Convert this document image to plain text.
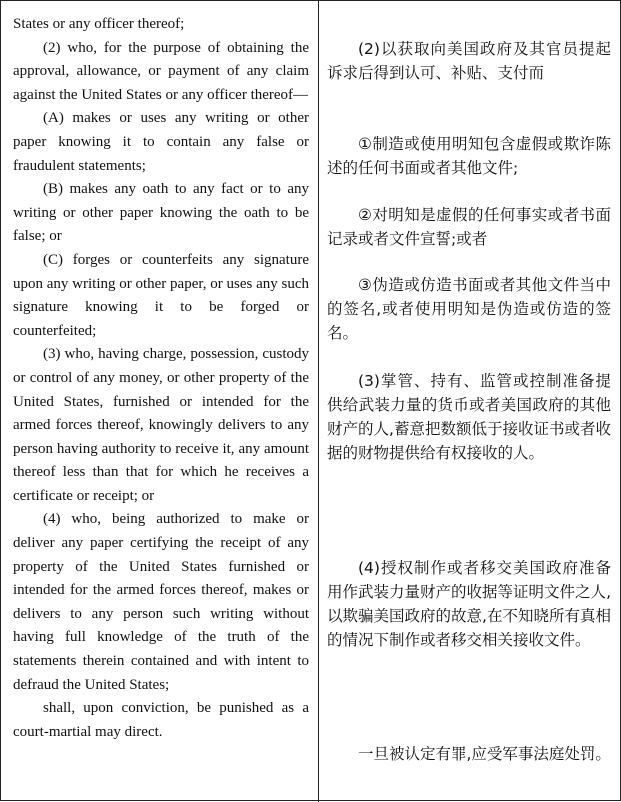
States or any officer thereof;

(2) who, for the purpose of obtaining the approval, allowance, or payment of any claim against the United States or any officer thereof—

(A) makes or uses any writing or other paper knowing it to contain any false or fraudulent statements;

(B) makes any oath to any fact or to any writing or other paper knowing the oath to be false; or

(C) forges or counterfeits any signature upon any writing or other paper, or uses any such signature knowing it to be forged or counterfeited;

(3) who, having charge, possession, custody or control of any money, or other property of the United States, furnished or intended for the armed forces thereof, knowingly delivers to any person having authority to receive it, any amount thereof less than that for which he receives a certificate or receipt; or

(4) who, being authorized to make or deliver any paper certifying the receipt of any property of the United States furnished or intended for the armed forces thereof, makes or delivers to any person such writing without having full knowledge of the truth of the statements therein contained and with intent to defraud the United States;

shall, upon conviction, be punished as a court-martial may direct.

(2)以获取向美国政府及其官员提起诉求后得到认可、补贴、支付而

①制造或使用明知包含虚假或欺诈陈述的任何书面或者其他文件;

②对明知是虚假的任何事实或者书面记录或者文件宣誓;或者

③伪造或仿造书面或者其他文件当中的签名,或者使用明知是伪造或仿造的签名。

(3)掌管、持有、监管或控制准备提供给武装力量的货币或者美国政府的其他财产的人,蓄意把数额低于接收证书或者收据的财物提供给有权接收的人。

(4)授权制作或者移交美国政府准备用作武装力量财产的收据等证明文件之人,以欺骗美国政府的故意,在不知晓所有真相的情况下制作或者移交相关接收文件。

一旦被认定有罪,应受军事法庭处罚。
